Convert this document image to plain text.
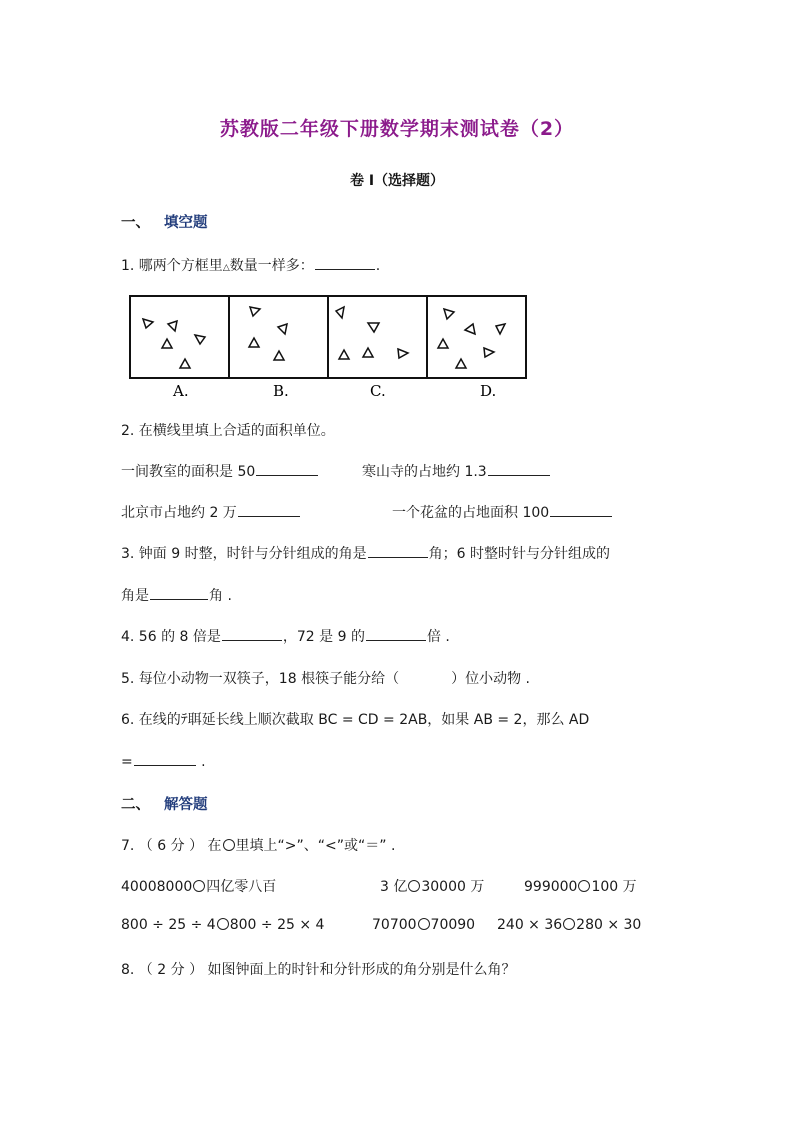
苏教版二年级下册数学期末测试卷（2）
卷 I（选择题）
一、 填空题
1. 哪两个方框里△数量一样多：	.
A.	B.	C.	D.
2. 在横线里填上合适的面积单位。
一间教室的面积是 50	寒山寺的占地约 1.3
北京市占地约 2 万	一个花盆的占地面积 100
3. 钟面 9 时整，时针与分针组成的角是	角；6 时整时针与分针组成的
角是	角 .
4. 56 的 8 倍是	，72 是 9 的	倍 .
5. 每位小动物一双筷子，18 根筷子能分给（	）位小动物 .
6. 在线的ﾃ聑延长线上顺次截取 BC = CD = 2AB，如果 AB = 2，那么 AD
=	.
二、 解答题
7. （ 6 分 ） 在 里填上“>”、“<”或“＝” .
40008000 四亿零八百	3 亿 30000 万	999000 100 万
800 ÷ 25 ÷ 4 800 ÷ 25 × 4	70700 70090 240 × 36 280 × 30
8. （ 2 分 ） 如图钟面上的时针和分针形成的角分别是什么角？
